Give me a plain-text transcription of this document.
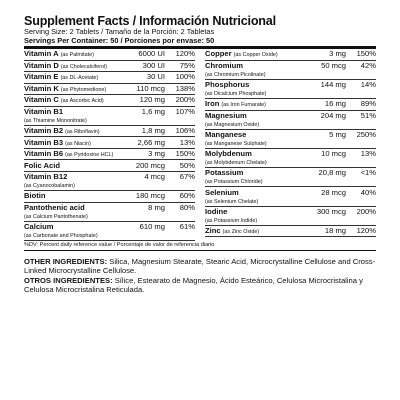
Supplement Facts / Información Nutricional
Serving Size: 2 Tablets / Tamaño de la Porción: 2 Tabletas
Servings Per Container: 50 / Porciones por envase: 50
Vitamin A (as Palmitate)	6000 UI	120%
Vitamin D (as Cholecalciferol)	300 UI	75%
Vitamin E (as DL-Acetate)	30 UI	100%
Vitamin K (as Phytomedione)	110 mcg	138%
Vitamin C (as Ascorbic Acid)	120 mg	200%
Vitamin B1
(as Thiamine Mononitrate)
1,6 mg	107%
Vitamin B2 (as Riboflavin)	1,8 mg	106%
Vitamin B3 (as Niacin)	2,66 mg	13%
Vitamin B6 (as Pyridoxine HCL)	3 mg	150%
Folic Acid	200 mcg	50%
Vitamin B12
(as Cyanocobalamin)
4 mcg	67%
Biotin	180 mcg	60%
Pantothenic acid
(as Calcium Pantothenate)
8 mg	80%
Calcium
(as Carbonate and Phosphate)
610 mg	61%
Copper (as Copper Oxide)	3 mg	150%
Chromium
(as Chromium Picolinate)
50 mcg	42%
Phosphorus
(as Dicalcium Phosphate)
144 mg	14%
Iron (as Iron Fumarate)	16 mg	89%
Magnesium
(as Magnesium Oxide)
204 mg	51%
Manganese
(as Manganese Sulphate)
5 mg	250%
Molybdenum
(as Molybdenum Chelate)
10 mcg	13%
Potassium
(as Potassium Chloride)
20,8 mg	<1%
Selenium
(as Selenium Chelate)
28 mcg	40%
Iodine
(as Potassium Iodide)
300 mcg	200%
Zinc (as Zinc Oxide)	18 mg	120%
%DV: Percent daily reference value / Porcentaje de valor de referencia diario
OTHER INGREDIENTS: Silica, Magnesium Stearate, Stearic Acid, Microcrystalline Cellulose and Cross-Linked Microcrystalline Cellulose.
OTROS INGREDIENTES: Sílice, Estearato de Magnesio, Ácido Esteárico, Celulosa Microcristalina y Celulosa Microcristalina Reticulada.
